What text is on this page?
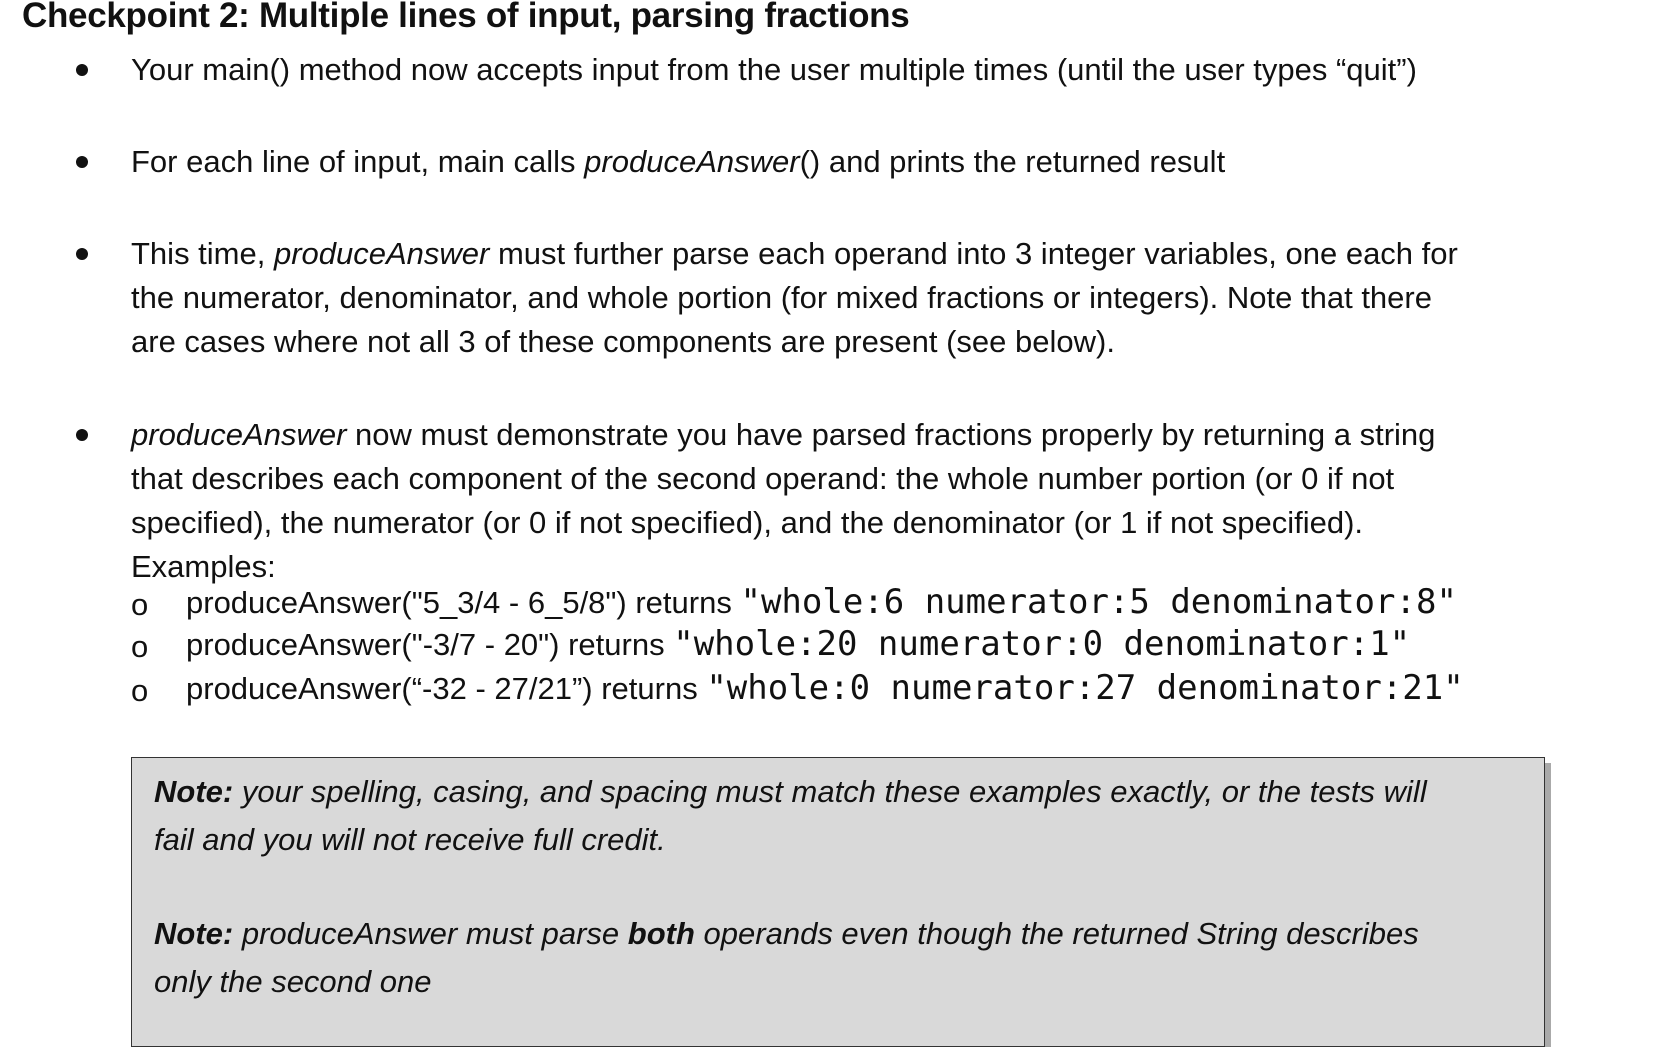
Checkpoint 2: Multiple lines of input, parsing fractions
Your main() method now accepts input from the user multiple times (until the user types “quit”)
For each line of input, main calls produceAnswer() and prints the returned result
This time, produceAnswer must further parse each operand into 3 integer variables, one each for
the numerator, denominator, and whole portion (for mixed fractions or integers). Note that there
are cases where not all 3 of these components are present (see below).
produceAnswer now must demonstrate you have parsed fractions properly by returning a string
that describes each component of the second operand: the whole number portion (or 0 if not
specified), the numerator (or 0 if not specified), and the denominator (or 1 if not specified).
Examples:
o produceAnswer("5_3/4 - 6_5/8") returns "whole:6 numerator:5 denominator:8"
o produceAnswer("-3/7 - 20") returns "whole:20 numerator:0 denominator:1"
o produceAnswer(“-32 - 27/21”) returns "whole:0 numerator:27 denominator:21"
Note: your spelling, casing, and spacing must match these examples exactly, or the tests will
fail and you will not receive full credit.
Note: produceAnswer must parse both operands even though the returned String describes
only the second one
